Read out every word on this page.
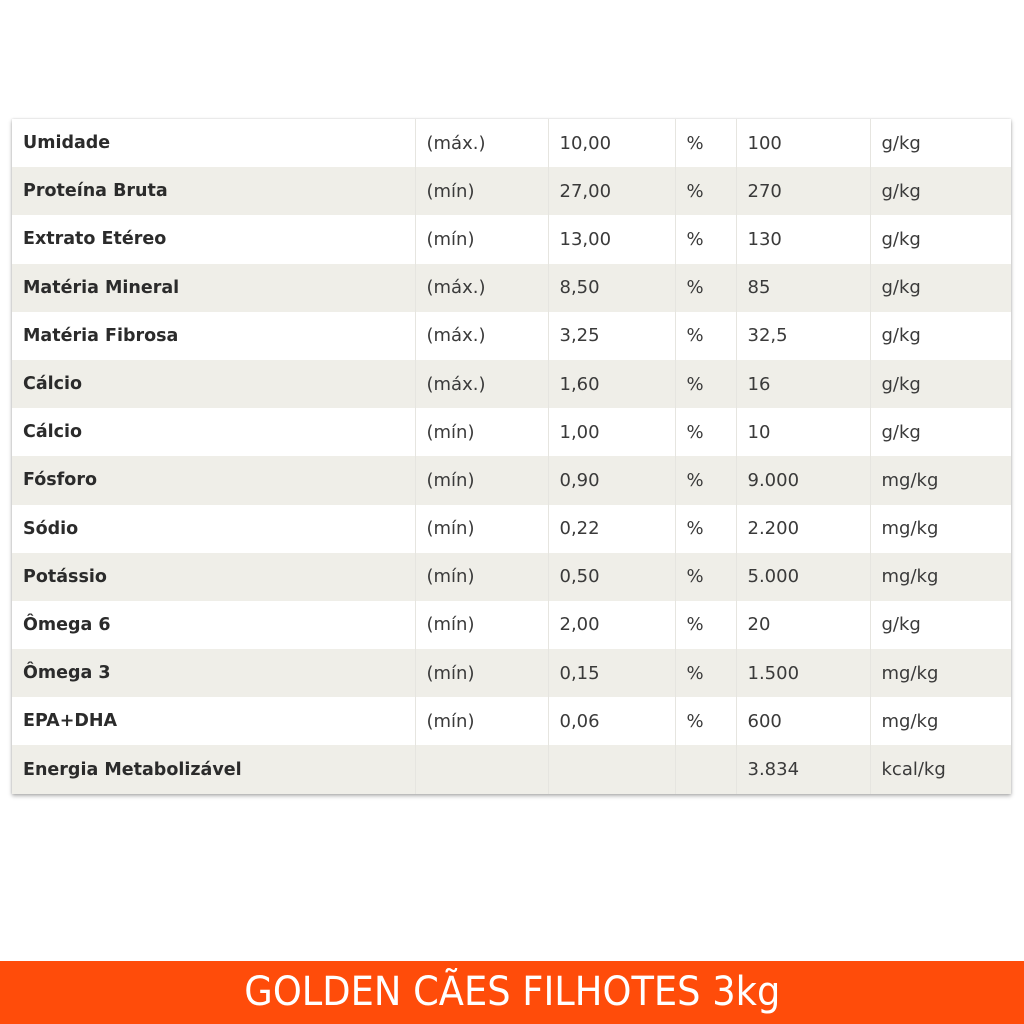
Umidade	(máx.)	10,00	%	100	g/kg
Proteína Bruta	(mín)	27,00	%	270	g/kg
Extrato Etéreo	(mín)	13,00	%	130	g/kg
Matéria Mineral	(máx.)	8,50	%	85	g/kg
Matéria Fibrosa	(máx.)	3,25	%	32,5	g/kg
Cálcio	(máx.)	1,60	%	16	g/kg
Cálcio	(mín)	1,00	%	10	g/kg
Fósforo	(mín)	0,90	%	9.000	mg/kg
Sódio	(mín)	0,22	%	2.200	mg/kg
Potássio	(mín)	0,50	%	5.000	mg/kg
Ômega 6	(mín)	2,00	%	20	g/kg
Ômega 3	(mín)	0,15	%	1.500	mg/kg
EPA+DHA	(mín)	0,06	%	600	mg/kg
Energia Metabolizável				3.834	kcal/kg
GOLDEN CÃES FILHOTES 3kg
